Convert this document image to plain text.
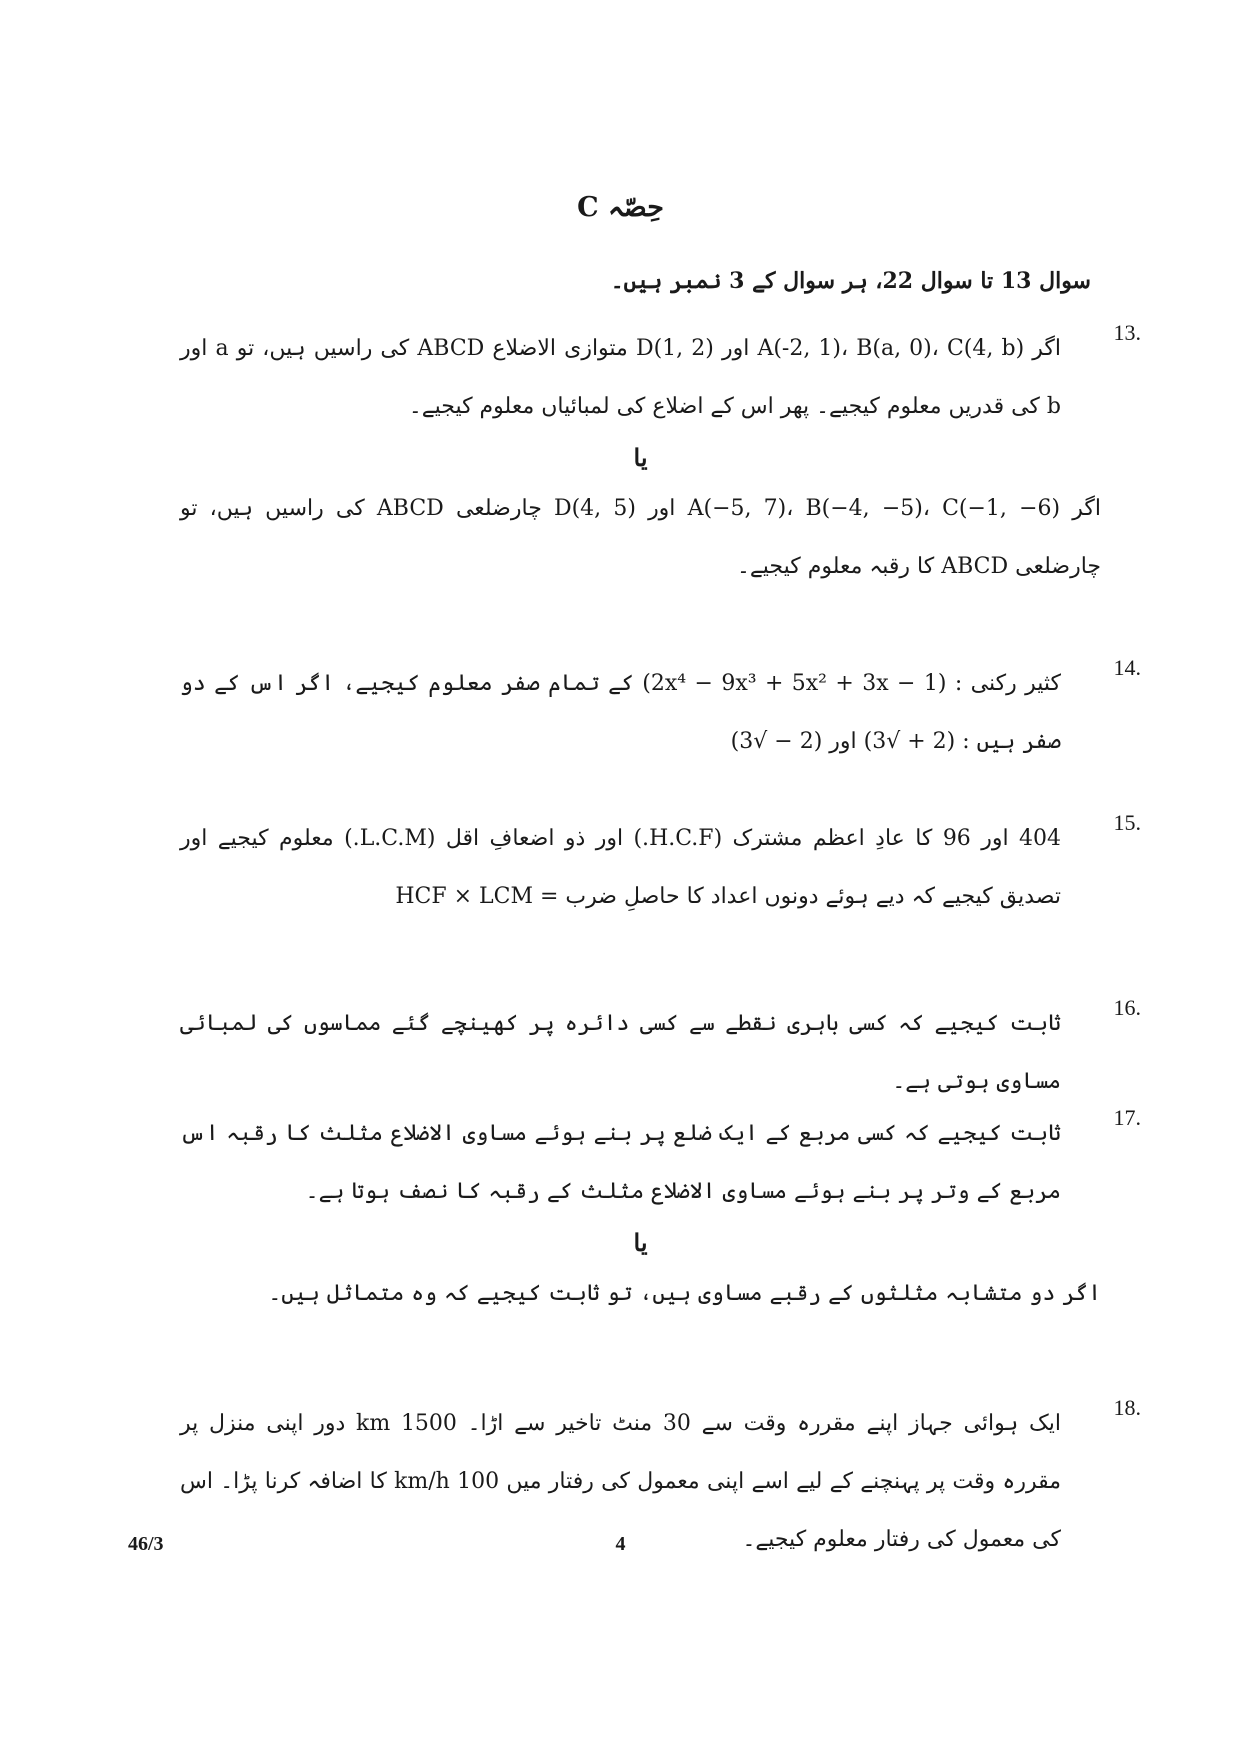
حِصّہ C
سوال 13 تا سوال 22، ہر سوال کے 3 نمبر ہیں۔
13.
اگر A(-2, 1)، B(a, 0)، C(4, b) اور D(1, 2) متوازی الاضلاع ABCD کی راسیں ہیں، تو a اور b کی قدریں معلوم کیجیے۔ پھر اس کے اضلاع کی لمبائیاں معلوم کیجیے۔
یا
اگر A(−5, 7)، B(−4, −5)، C(−1, −6) اور D(4, 5) چارضلعی ABCD کی راسیں ہیں، تو چارضلعی ABCD کا رقبہ معلوم کیجیے۔
14.
کثیر رکنی : (2x⁴ − 9x³ + 5x² + 3x − 1) کے تمام صفر معلوم کیجیے، اگر اس کے دو صفر ہیں : (2 + √3) اور (2 − √3)
15.
404 اور 96 کا عادِ اعظم مشترک (H.C.F.) اور ذو اضعافِ اقل (L.C.M.) معلوم کیجیے اور تصدیق کیجیے کہ دیے ہوئے دونوں اعداد کا حاصلِ ضرب = HCF × LCM
16.
ثابت کیجیے کہ کسی باہری نقطے سے کسی دائرہ پر کھینچے گئے مماسوں کی لمبائی مساوی ہوتی ہے۔
17.
ثابت کیجیے کہ کسی مربع کے ایک ضلع پر بنے ہوئے مساوی الاضلاع مثلث کا رقبہ اس مربع کے وتر پر بنے ہوئے مساوی الاضلاع مثلث کے رقبہ کا نصف ہوتا ہے۔
یا
اگر دو متشابہ مثلثوں کے رقبے مساوی ہیں، تو ثابت کیجیے کہ وہ متماثل ہیں۔
18.
ایک ہوائی جہاز اپنے مقررہ وقت سے 30 منٹ تاخیر سے اڑا۔ 1500 km دور اپنی منزل پر مقررہ وقت پر پہنچنے کے لیے اسے اپنی معمول کی رفتار میں 100 km/h کا اضافہ کرنا پڑا۔ اس کی معمول کی رفتار معلوم کیجیے۔
46/3	4
